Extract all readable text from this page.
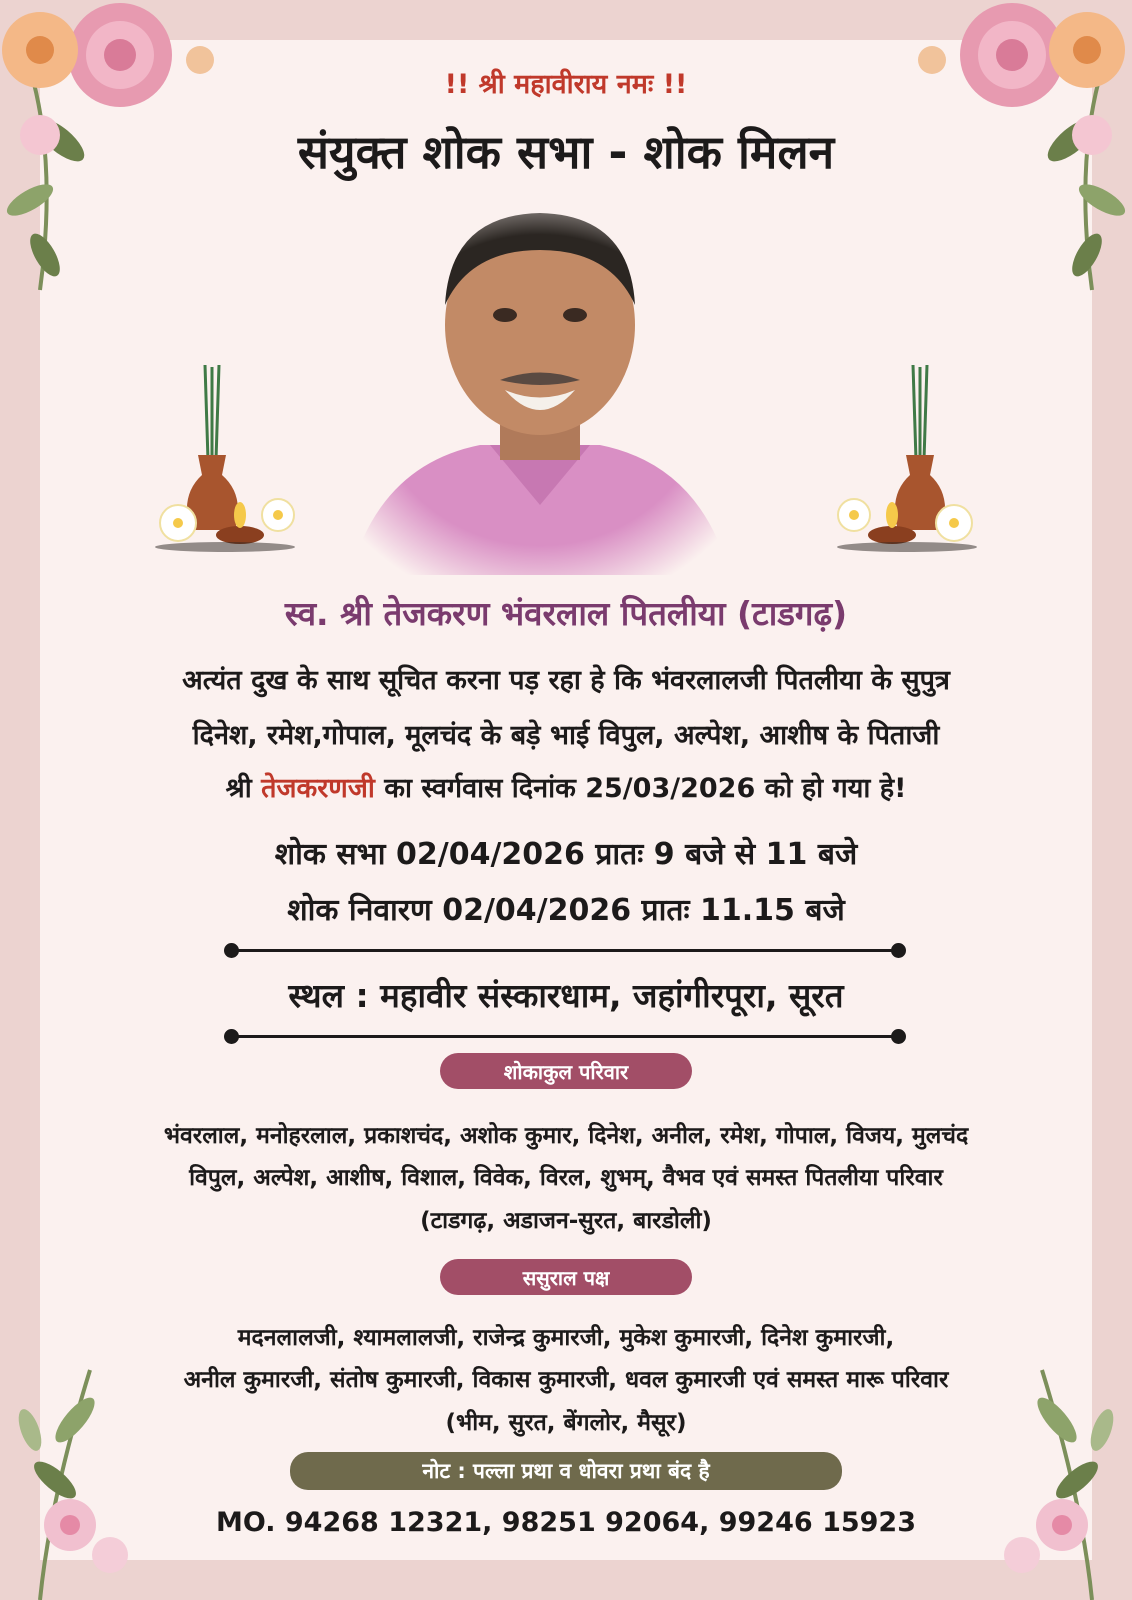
!! श्री महावीराय नमः !!
संयुक्त शोक सभा - शोक मिलन
स्व. श्री तेजकरण भंवरलाल पितलीया (टाडगढ़)
अत्यंत दुख के साथ सूचित करना पड़ रहा हे कि भंवरलालजी पितलीया के सुपुत्र
दिनेश, रमेश,गोपाल, मूलचंद के बड़े भाई विपुल, अल्पेश, आशीष के पिताजी
श्री तेजकरणजी का स्वर्गवास दिनांक 25/03/2026 को हो गया हे!
शोक सभा 02/04/2026 प्रातः 9 बजे से 11 बजे
शोक निवारण 02/04/2026 प्रातः 11.15 बजे
स्थल : महावीर संस्कारधाम, जहांगीरपूरा, सूरत
शोकाकुल परिवार
भंवरलाल, मनोहरलाल, प्रकाशचंद, अशोक कुमार, दिनेश, अनील, रमेश, गोपाल, विजय, मुलचंद
विपुल, अल्पेश, आशीष, विशाल, विवेक, विरल, शुभम्, वैभव एवं समस्त पितलीया परिवार
(टाडगढ़, अडाजन-सुरत, बारडोली)
ससुराल पक्ष
मदनलालजी, श्यामलालजी, राजेन्द्र कुमारजी, मुकेश कुमारजी, दिनेश कुमारजी,
अनील कुमारजी, संतोष कुमारजी, विकास कुमारजी, धवल कुमारजी एवं समस्त मारू परिवार
(भीम, सुरत, बेंगलोर, मैसूर)
नोट : पल्ला प्रथा व धोवरा प्रथा बंद है
MO. 94268 12321, 98251 92064, 99246 15923
